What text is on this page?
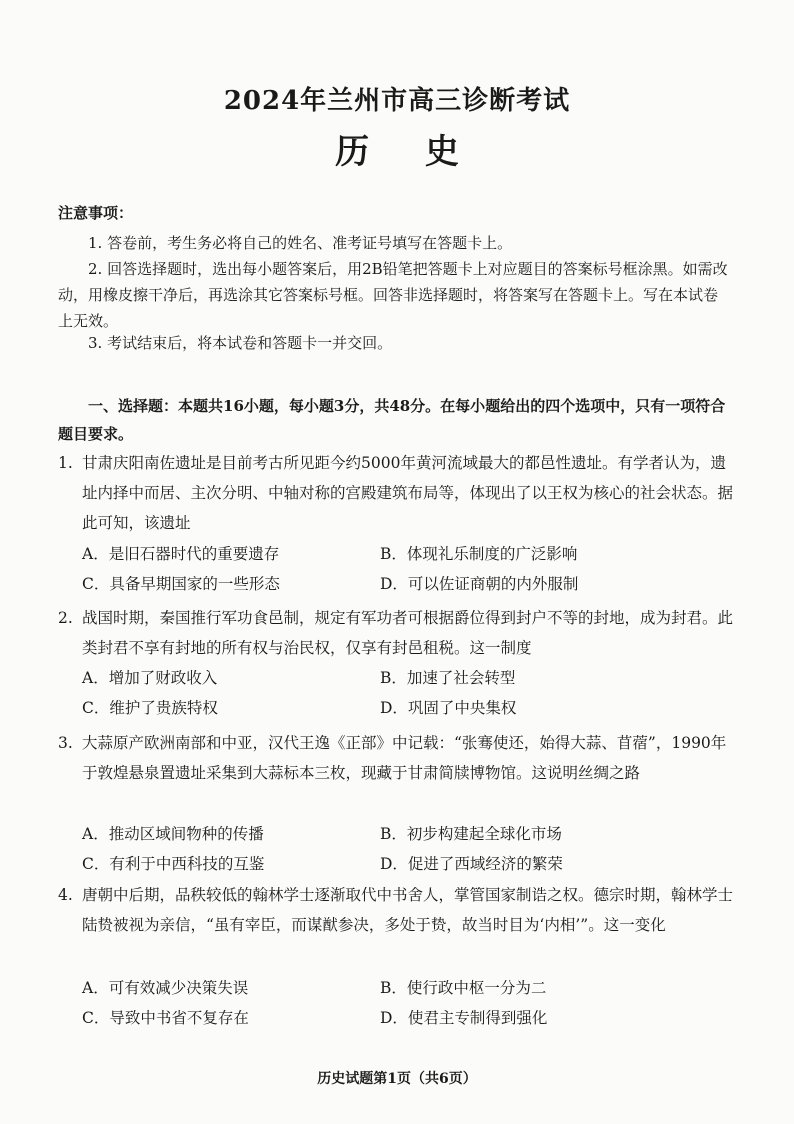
2024年兰州市高三诊断考试
历 史
注意事项：
1. 答卷前，考生务必将自己的姓名、准考证号填写在答题卡上。
2. 回答选择题时，选出每小题答案后，用2B铅笔把答题卡上对应题目的答案标号框涂黑。如需改动，用橡皮擦干净后，再选涂其它答案标号框。回答非选择题时，将答案写在答题卡上。写在本试卷上无效。
3. 考试结束后，将本试卷和答题卡一并交回。
一、选择题：本题共16小题，每小题3分，共48分。在每小题给出的四个选项中，只有一项符合题目要求。
1. 甘肃庆阳南佐遗址是目前考古所见距今约5000年黄河流域最大的都邑性遗址。有学者认为，遗址内择中而居、主次分明、中轴对称的宫殿建筑布局等，体现出了以王权为核心的社会状态。据此可知，该遗址
A．是旧石器时代的重要遗存	B．体现礼乐制度的广泛影响
C．具备早期国家的一些形态	D．可以佐证商朝的内外服制
2. 战国时期，秦国推行军功食邑制，规定有军功者可根据爵位得到封户不等的封地，成为封君。此类封君不享有封地的所有权与治民权，仅享有封邑租税。这一制度
A．增加了财政收入	B．加速了社会转型
C．维护了贵族特权	D．巩固了中央集权
3. 大蒜原产欧洲南部和中亚，汉代王逸《正部》中记载：“张骞使还，始得大蒜、苜蓿”，1990年于敦煌悬泉置遗址采集到大蒜标本三枚，现藏于甘肃简牍博物馆。这说明丝绸之路
A．推动区域间物种的传播	B．初步构建起全球化市场
C．有利于中西科技的互鉴	D．促进了西域经济的繁荣
4. 唐朝中后期，品秩较低的翰林学士逐渐取代中书舍人，掌管国家制诰之权。德宗时期，翰林学士陆贽被视为亲信，“虽有宰臣，而谋猷参决，多处于贽，故当时目为‘内相’”。这一变化
A．可有效减少决策失误	B．使行政中枢一分为二
C．导致中书省不复存在	D．使君主专制得到强化
历史试题第1页（共6页）
